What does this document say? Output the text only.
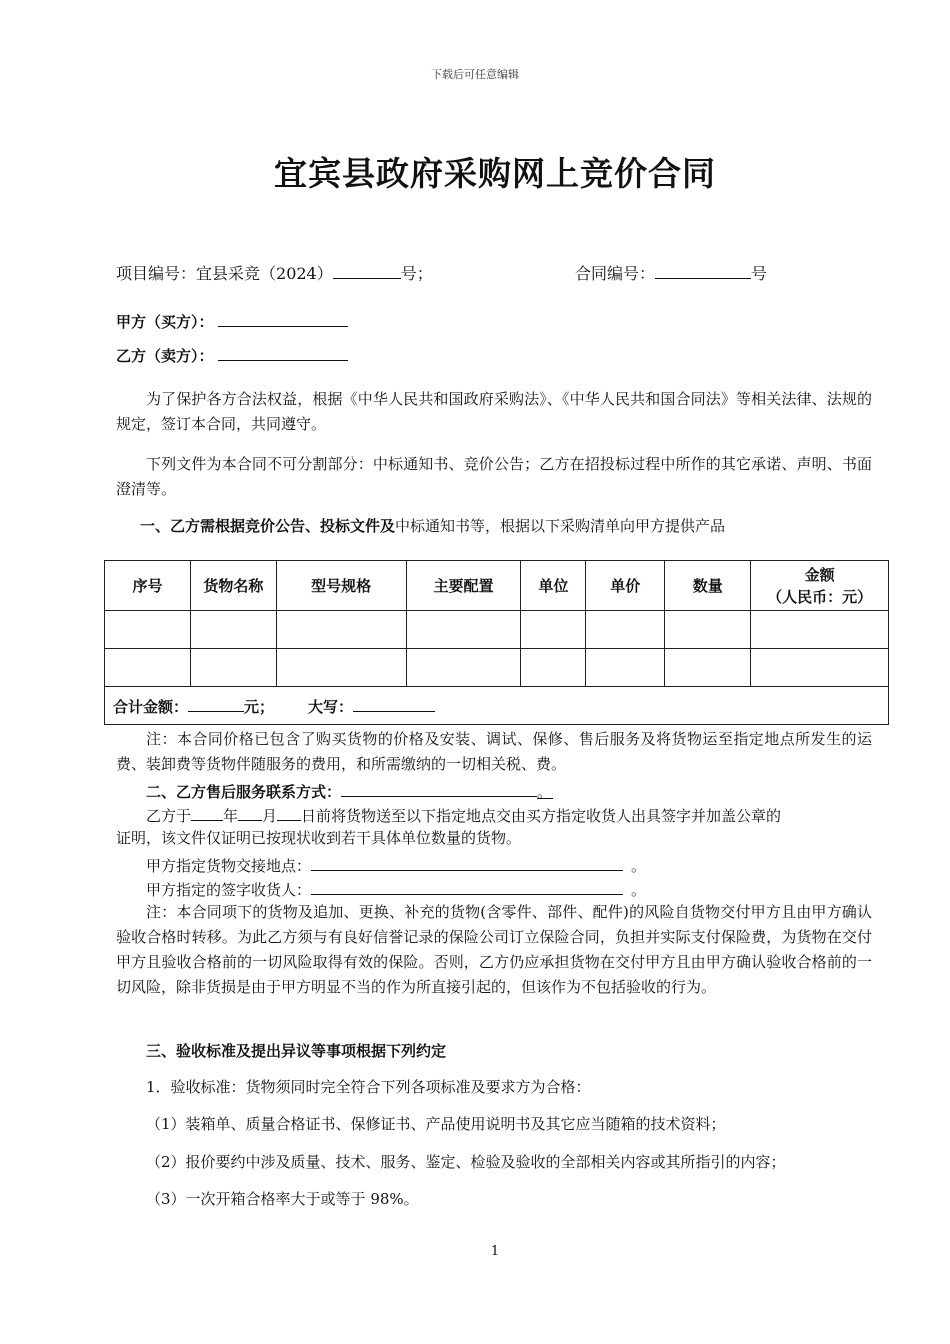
下载后可任意编辑
宜宾县政府采购网上竞价合同
项目编号：宜县采竞（2024）	号；	合同编号：	号
甲方（买方）：
乙方（卖方）：
为了保护各方合法权益，根据《中华人民共和国政府采购法》、《中华人民共和国合同法》等相关法律、法规的规定，签订本合同，共同遵守。
下列文件为本合同不可分割部分：中标通知书、竞价公告；乙方在招投标过程中所作的其它承诺、声明、书面澄清等。
一、乙方需根据竞价公告、投标文件及中标通知书等，根据以下采购清单向甲方提供产品
序号	货物名称	型号规格	主要配置	单位	单价	数量	金额
（人民币：元）

合计金额： 元； 大写：							
注：本合同价格已包含了购买货物的价格及安装、调试、保修、售后服务及将货物运至指定地点所发生的运费、装卸费等货物伴随服务的费用，和所需缴纳的一切相关税、费。
二、乙方售后服务联系方式：	。
乙方于 年 月 日前将货物送至以下指定地点交由买方指定收货人出具签字并加盖公章的
证明，该文件仅证明已按现状收到若干具体单位数量的货物。
甲方指定货物交接地点：	。
甲方指定的签字收货人：	。
注：本合同项下的货物及追加、更换、补充的货物(含零件、部件、配件)的风险自货物交付甲方且由甲方确认验收合格时转移。为此乙方须与有良好信誉记录的保险公司订立保险合同，负担并实际支付保险费，为货物在交付甲方且验收合格前的一切风险取得有效的保险。否则，乙方仍应承担货物在交付甲方且由甲方确认验收合格前的一切风险，除非货损是由于甲方明显不当的作为所直接引起的，但该作为不包括验收的行为。
三、验收标准及提出异议等事项根据下列约定
1．验收标准：货物须同时完全符合下列各项标准及要求方为合格：
（1）装箱单、质量合格证书、保修证书、产品使用说明书及其它应当随箱的技术资料；
（2）报价要约中涉及质量、技术、服务、鉴定、检验及验收的全部相关内容或其所指引的内容；
（3）一次开箱合格率大于或等于 98%。
1
